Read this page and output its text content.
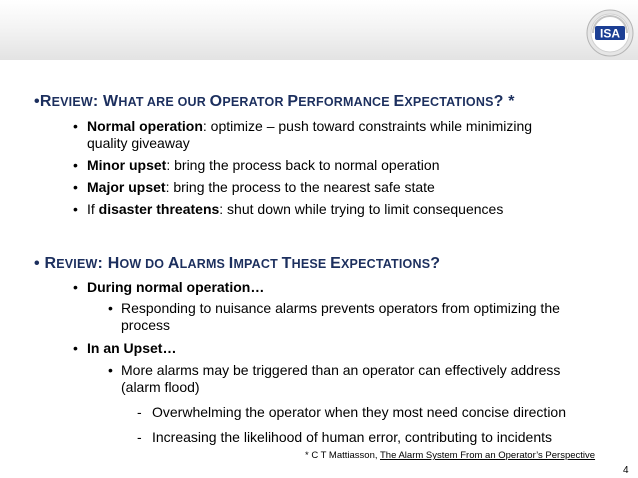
ISA

•REVIEW: WHAT ARE OUR OPERATOR PERFORMANCE EXPECTATIONS? *

• Normal operation: optimize – push toward constraints while minimizing

quality giveaway

• Minor upset: bring the process back to normal operation

• Major upset: bring the process to the nearest safe state

• If disaster threatens: shut down while trying to limit consequences

• REVIEW: HOW DO ALARMS IMPACT THESE EXPECTATIONS?

• During normal operation…

• Responding to nuisance alarms prevents operators from optimizing the

process

• In an Upset…

• More alarms may be triggered than an operator can effectively address

(alarm flood)

- Overwhelming the operator when they most need concise direction

- Increasing the likelihood of human error, contributing to incidents

* C T Mattiasson, The Alarm System From an Operator’s Perspective
4
